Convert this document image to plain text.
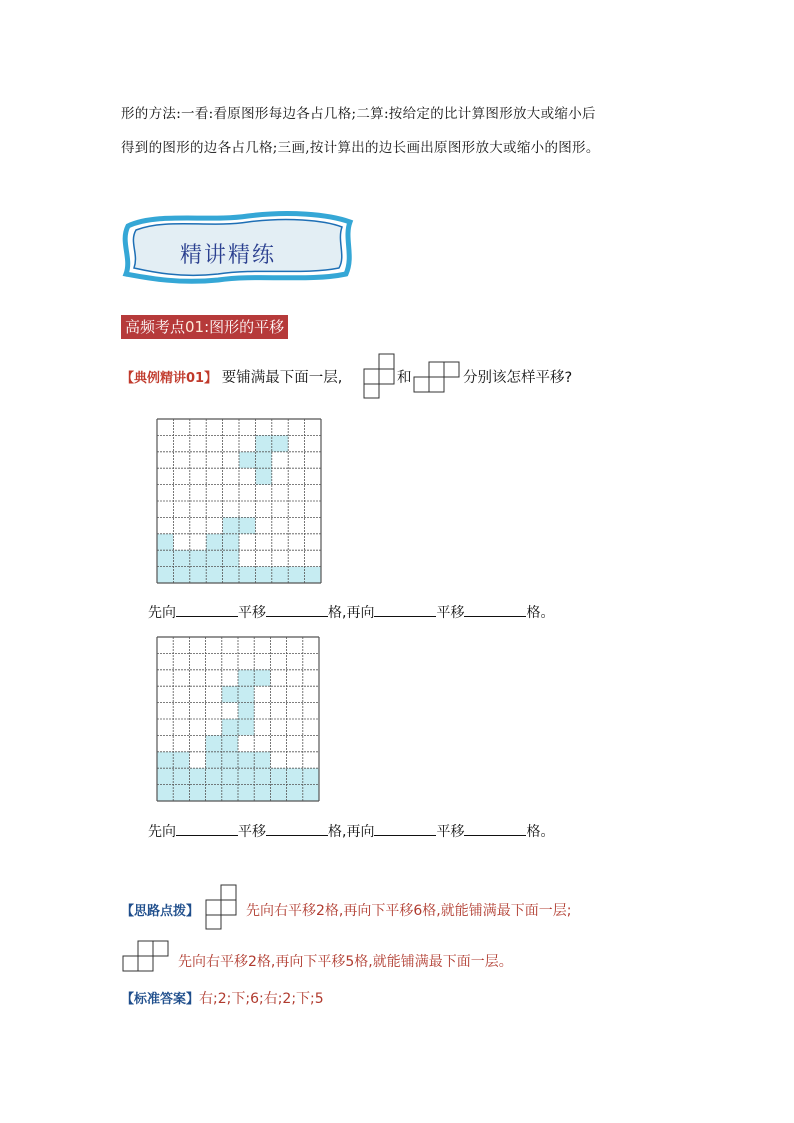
形的方法:一看:看原图形每边各占几格;二算:按给定的比计算图形放大或缩小后
得到的图形的边各占几格;三画,按计算出的边长画出原图形放大或缩小的图形。
精讲精练
高频考点01:图形的平移
【典例精讲01】 要铺满最下面一层,	和	分别该怎样平移?
先向	平移	格,再向	平移	格。
先向	平移	格,再向	平移	格。
【思路点拨】	先向右平移2格,再向下平移6格,就能铺满最下面一层;
先向右平移2格,再向下平移5格,就能铺满最下面一层。
【标准答案】右;2;下;6;右;2;下;5
